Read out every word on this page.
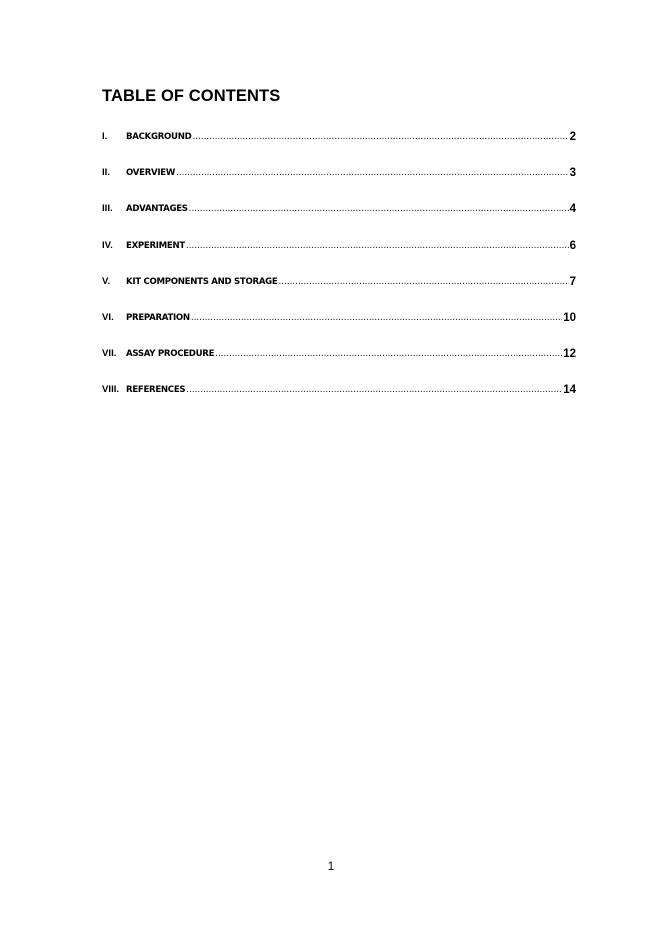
TABLE OF CONTENTS
I.	BACKGROUND .....	2
II.	OVERVIEW .....	3
III.	ADVANTAGES .....	4
IV.	EXPERIMENT .....	6
V.	KIT COMPONENTS AND STORAGE .....	7
VI.	PREPARATION .....	10
VII.	ASSAY PROCEDURE .....	12
VIII. REFERENCES .....	14
1
